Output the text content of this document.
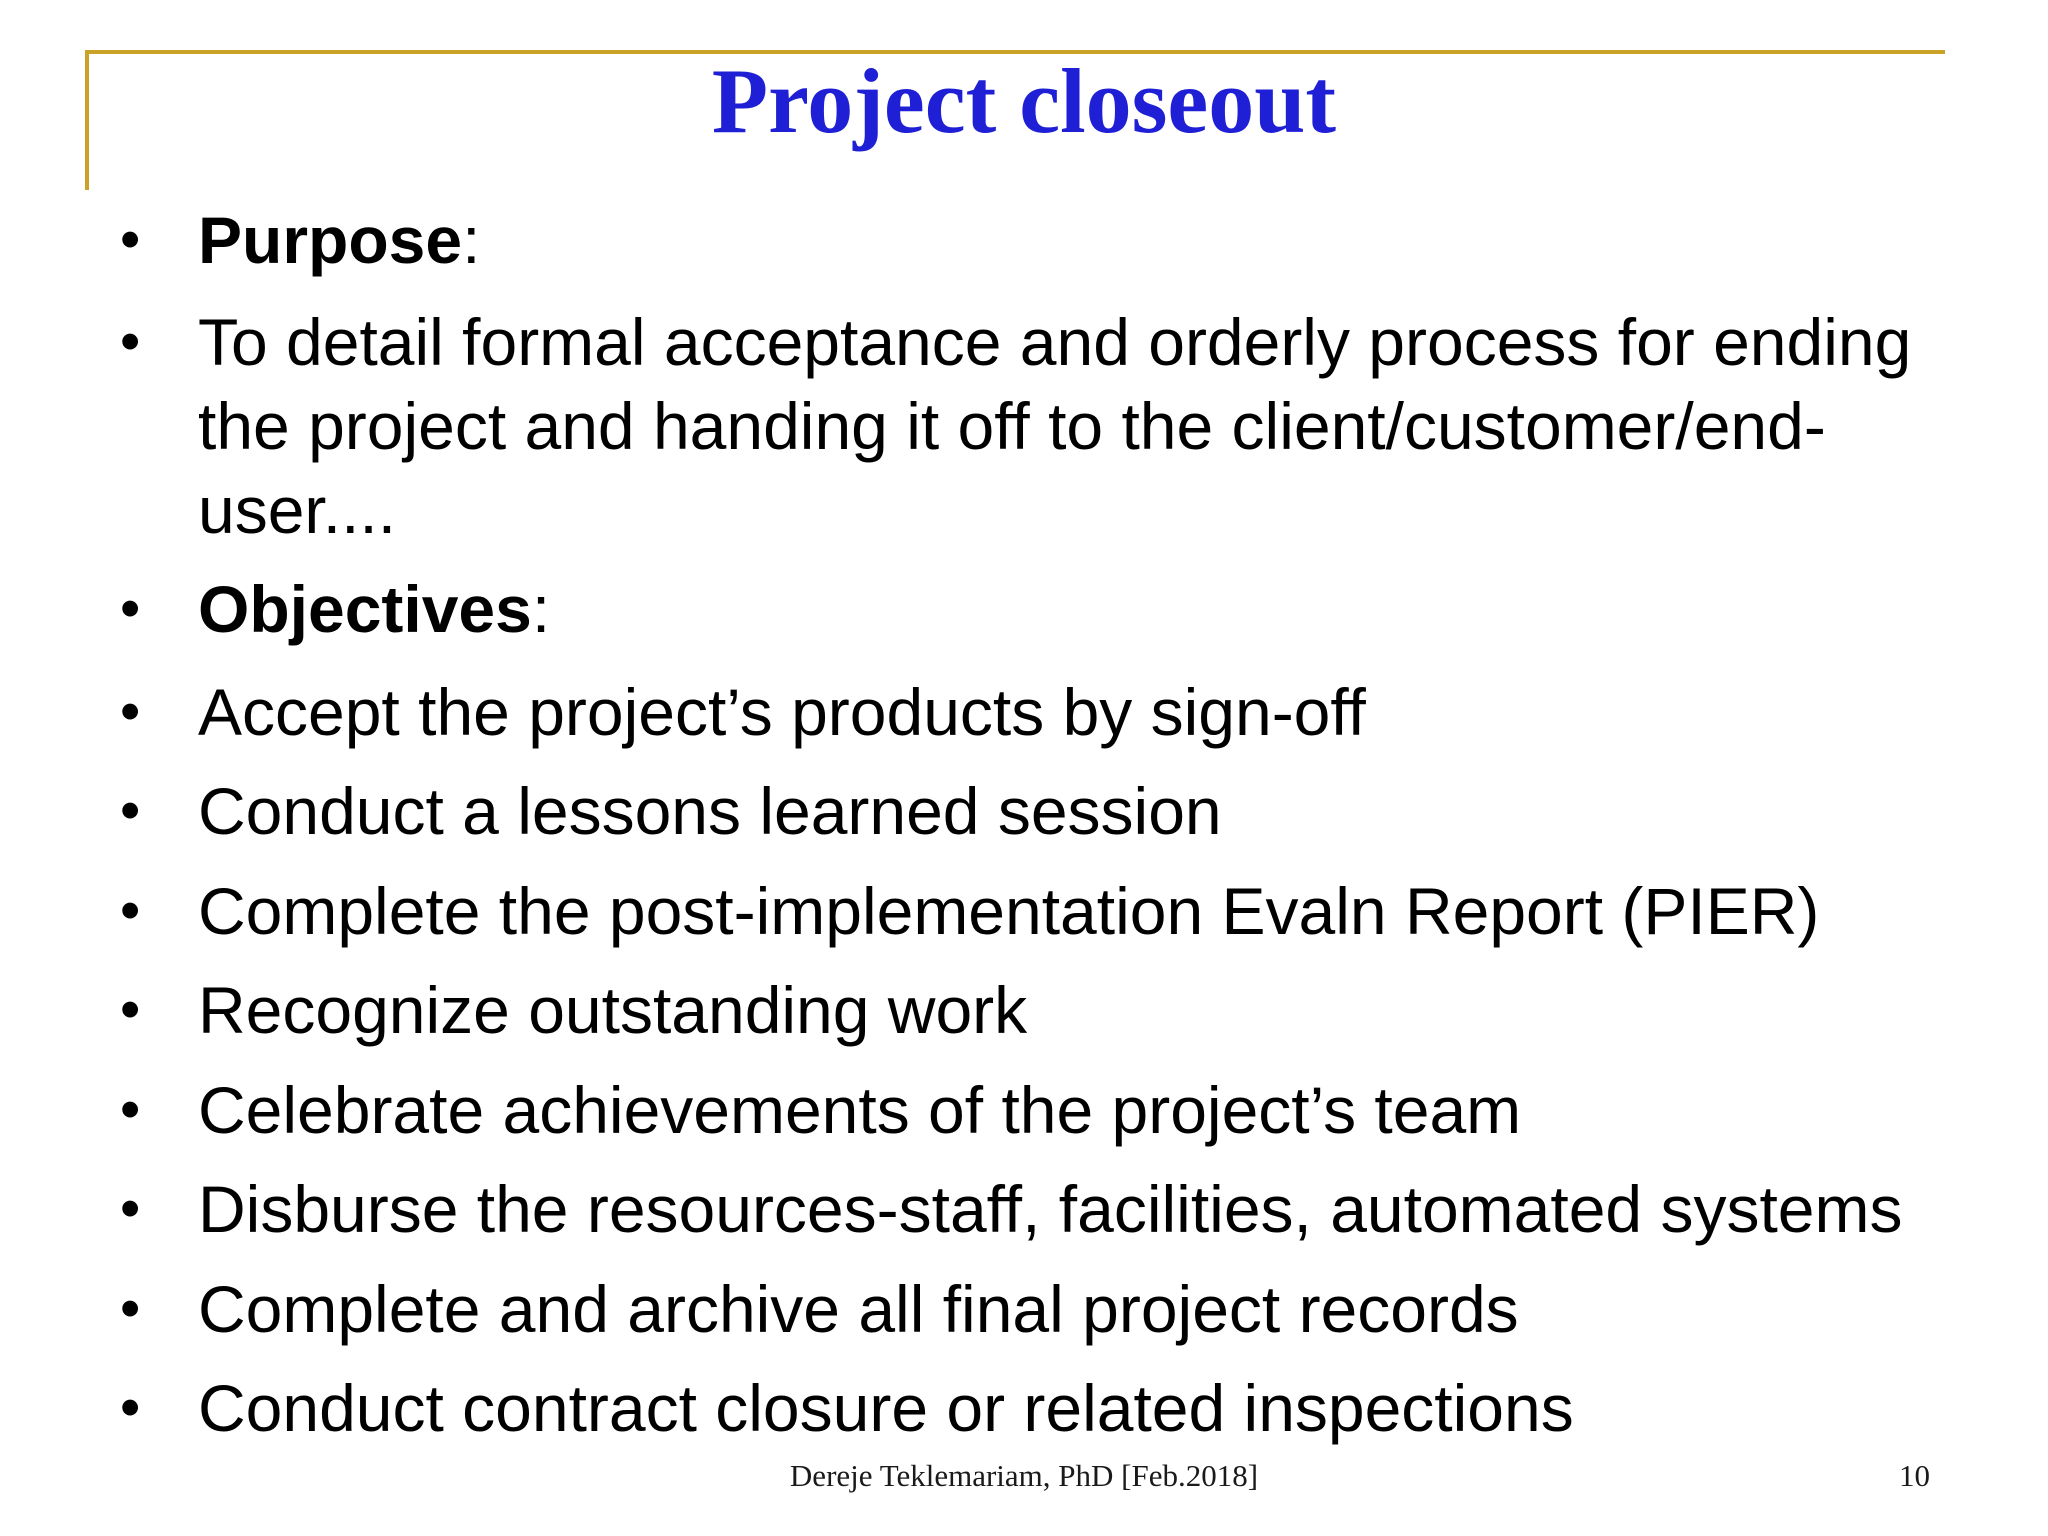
Project closeout
• Purpose:
• To detail formal acceptance and orderly process for ending the project and handing it off to the client/customer/end-user....
• Objectives:
• Accept the project’s products by sign-off
• Conduct a lessons learned session
• Complete the post-implementation Evaln Report (PIER)
• Recognize outstanding work
• Celebrate achievements of the project’s team
• Disburse the resources-staff, facilities, automated systems
• Complete and archive all final project records
• Conduct contract closure or related inspections
Dereje Teklemariam, PhD [Feb.2018]	10
